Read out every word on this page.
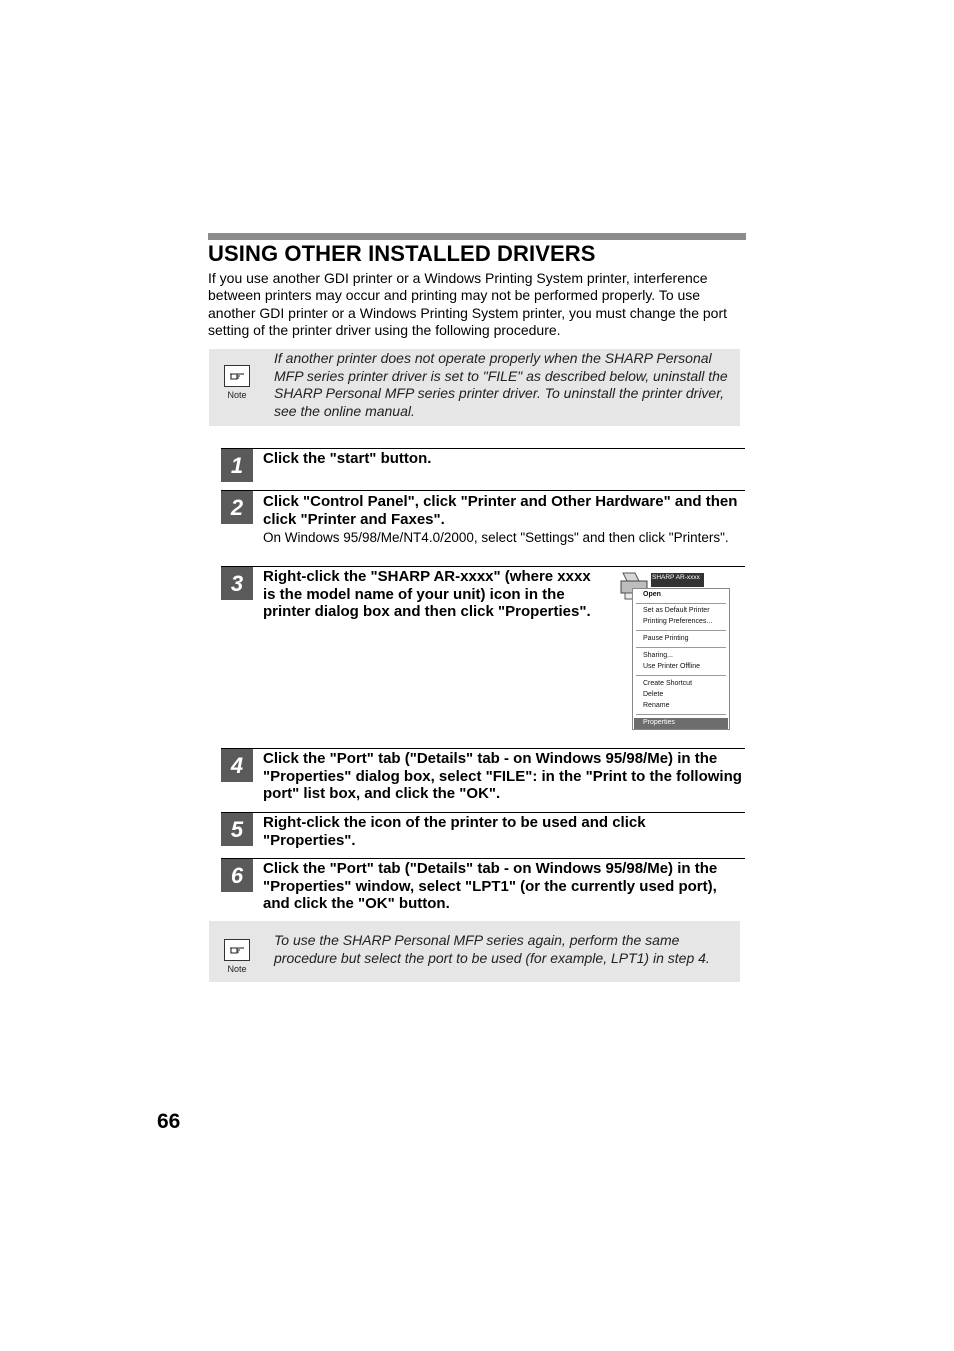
USING OTHER INSTALLED DRIVERS
If you use another GDI printer or a Windows Printing System printer, interference between printers may occur and printing may not be performed properly. To use another GDI printer or a Windows Printing System printer, you must change the port setting of the printer driver using the following procedure.
Note
If another printer does not operate properly when the SHARP Personal MFP series printer driver is set to "FILE" as described below, uninstall the SHARP Personal MFP series printer driver. To uninstall the printer driver, see the online manual.
1	Click the "start" button.
2	Click "Control Panel", click "Printer and Other Hardware" and then click "Printer and Faxes".
On Windows 95/98/Me/NT4.0/2000, select "Settings" and then click "Printers".
3	Right-click the "SHARP AR-xxxx" (where xxxx is the model name of your unit) icon in the printer dialog box and then click "Properties".
SHARP AR-xxxx
Open
Set as Default Printer
Printing Preferences...
Pause Printing
Sharing...
Use Printer Offline
Create Shortcut
Delete
Rename
Properties
4	Click the "Port" tab ("Details" tab - on Windows 95/98/Me) in the "Properties" dialog box, select "FILE": in the "Print to the following port" list box, and click the "OK".
5	Right-click the icon of the printer to be used and click "Properties".
6	Click the "Port" tab ("Details" tab - on Windows 95/98/Me) in the "Properties" window, select "LPT1" (or the currently used port), and click the "OK" button.
Note
To use the SHARP Personal MFP series again, perform the same procedure but select the port to be used (for example, LPT1) in step 4.
66
